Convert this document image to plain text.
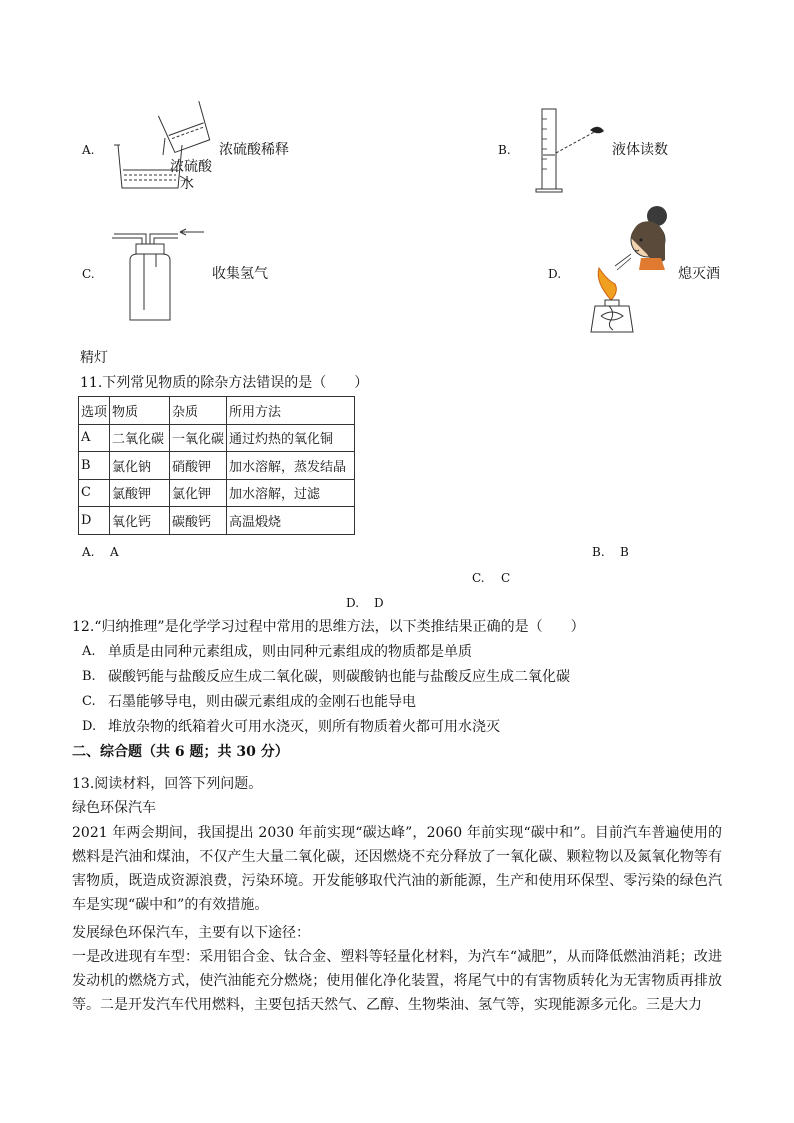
A.	浓硫酸稀释
浓硫酸
水
B.	液体读数
C.	收集氢气	D.	熄灭酒
精灯
11.下列常见物质的除杂方法错误的是（　　）
选项	物质	杂质	所用方法
A	二氧化碳	一氧化碳	通过灼热的氧化铜
B	氯化钠	硝酸钾	加水溶解，蒸发结晶
C	氯酸钾	氯化钾	加水溶解，过滤
D	氧化钙	碳酸钙	高温煅烧
A. A	B. B
C. C
D. D
12.“归纳推理”是化学学习过程中常用的思维方法，以下类推结果正确的是（　　）
A. 单质是由同种元素组成，则由同种元素组成的物质都是单质
B. 碳酸钙能与盐酸反应生成二氧化碳，则碳酸钠也能与盐酸反应生成二氧化碳
C. 石墨能够导电，则由碳元素组成的金刚石也能导电
D. 堆放杂物的纸箱着火可用水浇灭，则所有物质着火都可用水浇灭
二、综合题（共 6 题；共 30 分）
13.阅读材料，回答下列问题。
绿色环保汽车
2021 年两会期间，我国提出 2030 年前实现“碳达峰”，2060 年前实现“碳中和”。目前汽车普遍使用的燃料是汽油和煤油，不仅产生大量二氧化碳，还因燃烧不充分释放了一氧化碳、颗粒物以及氮氧化物等有害物质，既造成资源浪费，污染环境。开发能够取代汽油的新能源，生产和使用环保型、零污染的绿色汽车是实现“碳中和”的有效措施。
发展绿色环保汽车，主要有以下途径：
一是改进现有车型：采用铝合金、钛合金、塑料等轻量化材料，为汽车“减肥”，从而降低燃油消耗；改进发动机的燃烧方式，使汽油能充分燃烧；使用催化净化装置，将尾气中的有害物质转化为无害物质再排放等。二是开发汽车代用燃料，主要包括天然气、乙醇、生物柴油、氢气等，实现能源多元化。三是大力
